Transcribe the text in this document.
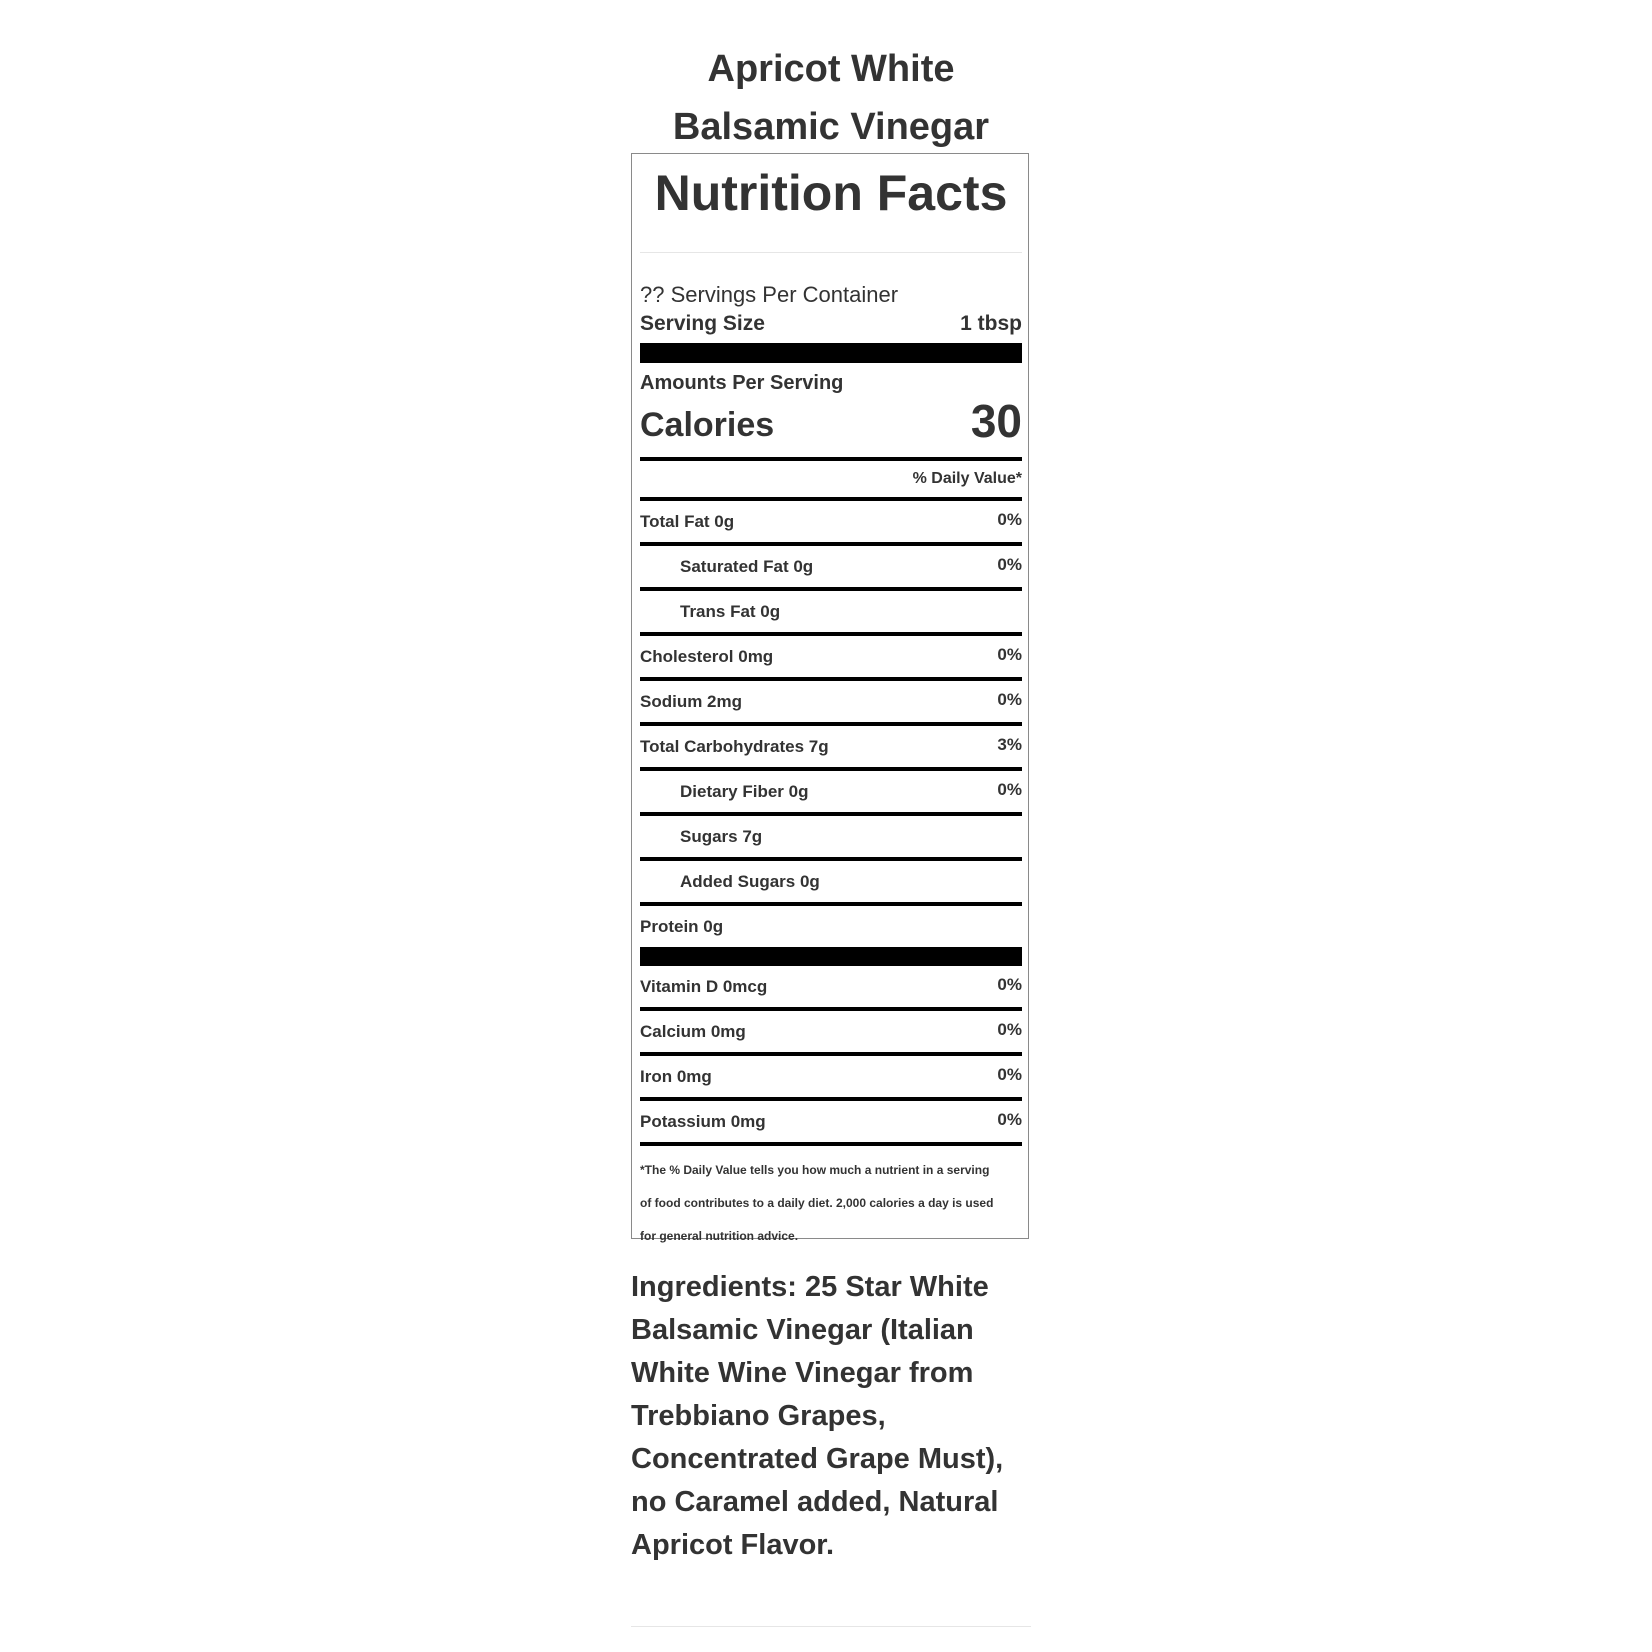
Apricot White
Balsamic Vinegar
Nutrition Facts
?? Servings Per Container
Serving Size	1 tbsp
Amounts Per Serving
Calories	30
% Daily Value*
Total Fat 0g	0%
Saturated Fat 0g	0%
Trans Fat 0g
Cholesterol 0mg	0%
Sodium 2mg	0%
Total Carbohydrates 7g	3%
Dietary Fiber 0g	0%
Sugars 7g
Added Sugars 0g
Protein 0g
Vitamin D 0mcg	0%
Calcium 0mg	0%
Iron 0mg	0%
Potassium 0mg	0%
*The % Daily Value tells you how much a nutrient in a serving
of food contributes to a daily diet. 2,000 calories a day is used
for general nutrition advice.

Ingredients: 25 Star White Balsamic Vinegar (Italian White Wine Vinegar from Trebbiano Grapes, Concentrated Grape Must), no Caramel added, Natural Apricot Flavor.
